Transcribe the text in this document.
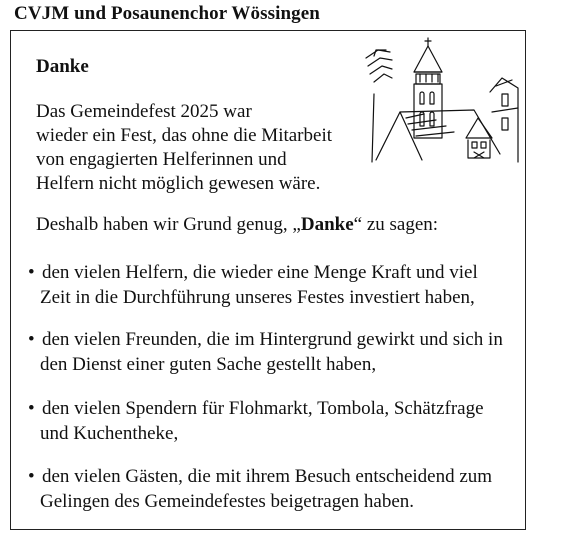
CVJM und Posaunenchor Wössingen
Danke
Das Gemeindefest 2025 war
wieder ein Fest, das ohne die Mitarbeit
von engagierten Helferinnen und
Helfern nicht möglich gewesen wäre.
Deshalb haben wir Grund genug, „Danke“ zu sagen:
• den vielen Helfern, die wieder eine Menge Kraft und viel
Zeit in die Durchführung unseres Festes investiert haben,
• den vielen Freunden, die im Hintergrund gewirkt und sich in
den Dienst einer guten Sache gestellt haben,
• den vielen Spendern für Flohmarkt, Tombola, Schätzfrage
und Kuchentheke,
• den vielen Gästen, die mit ihrem Besuch entscheidend zum
Gelingen des Gemeindefestes beigetragen haben.
